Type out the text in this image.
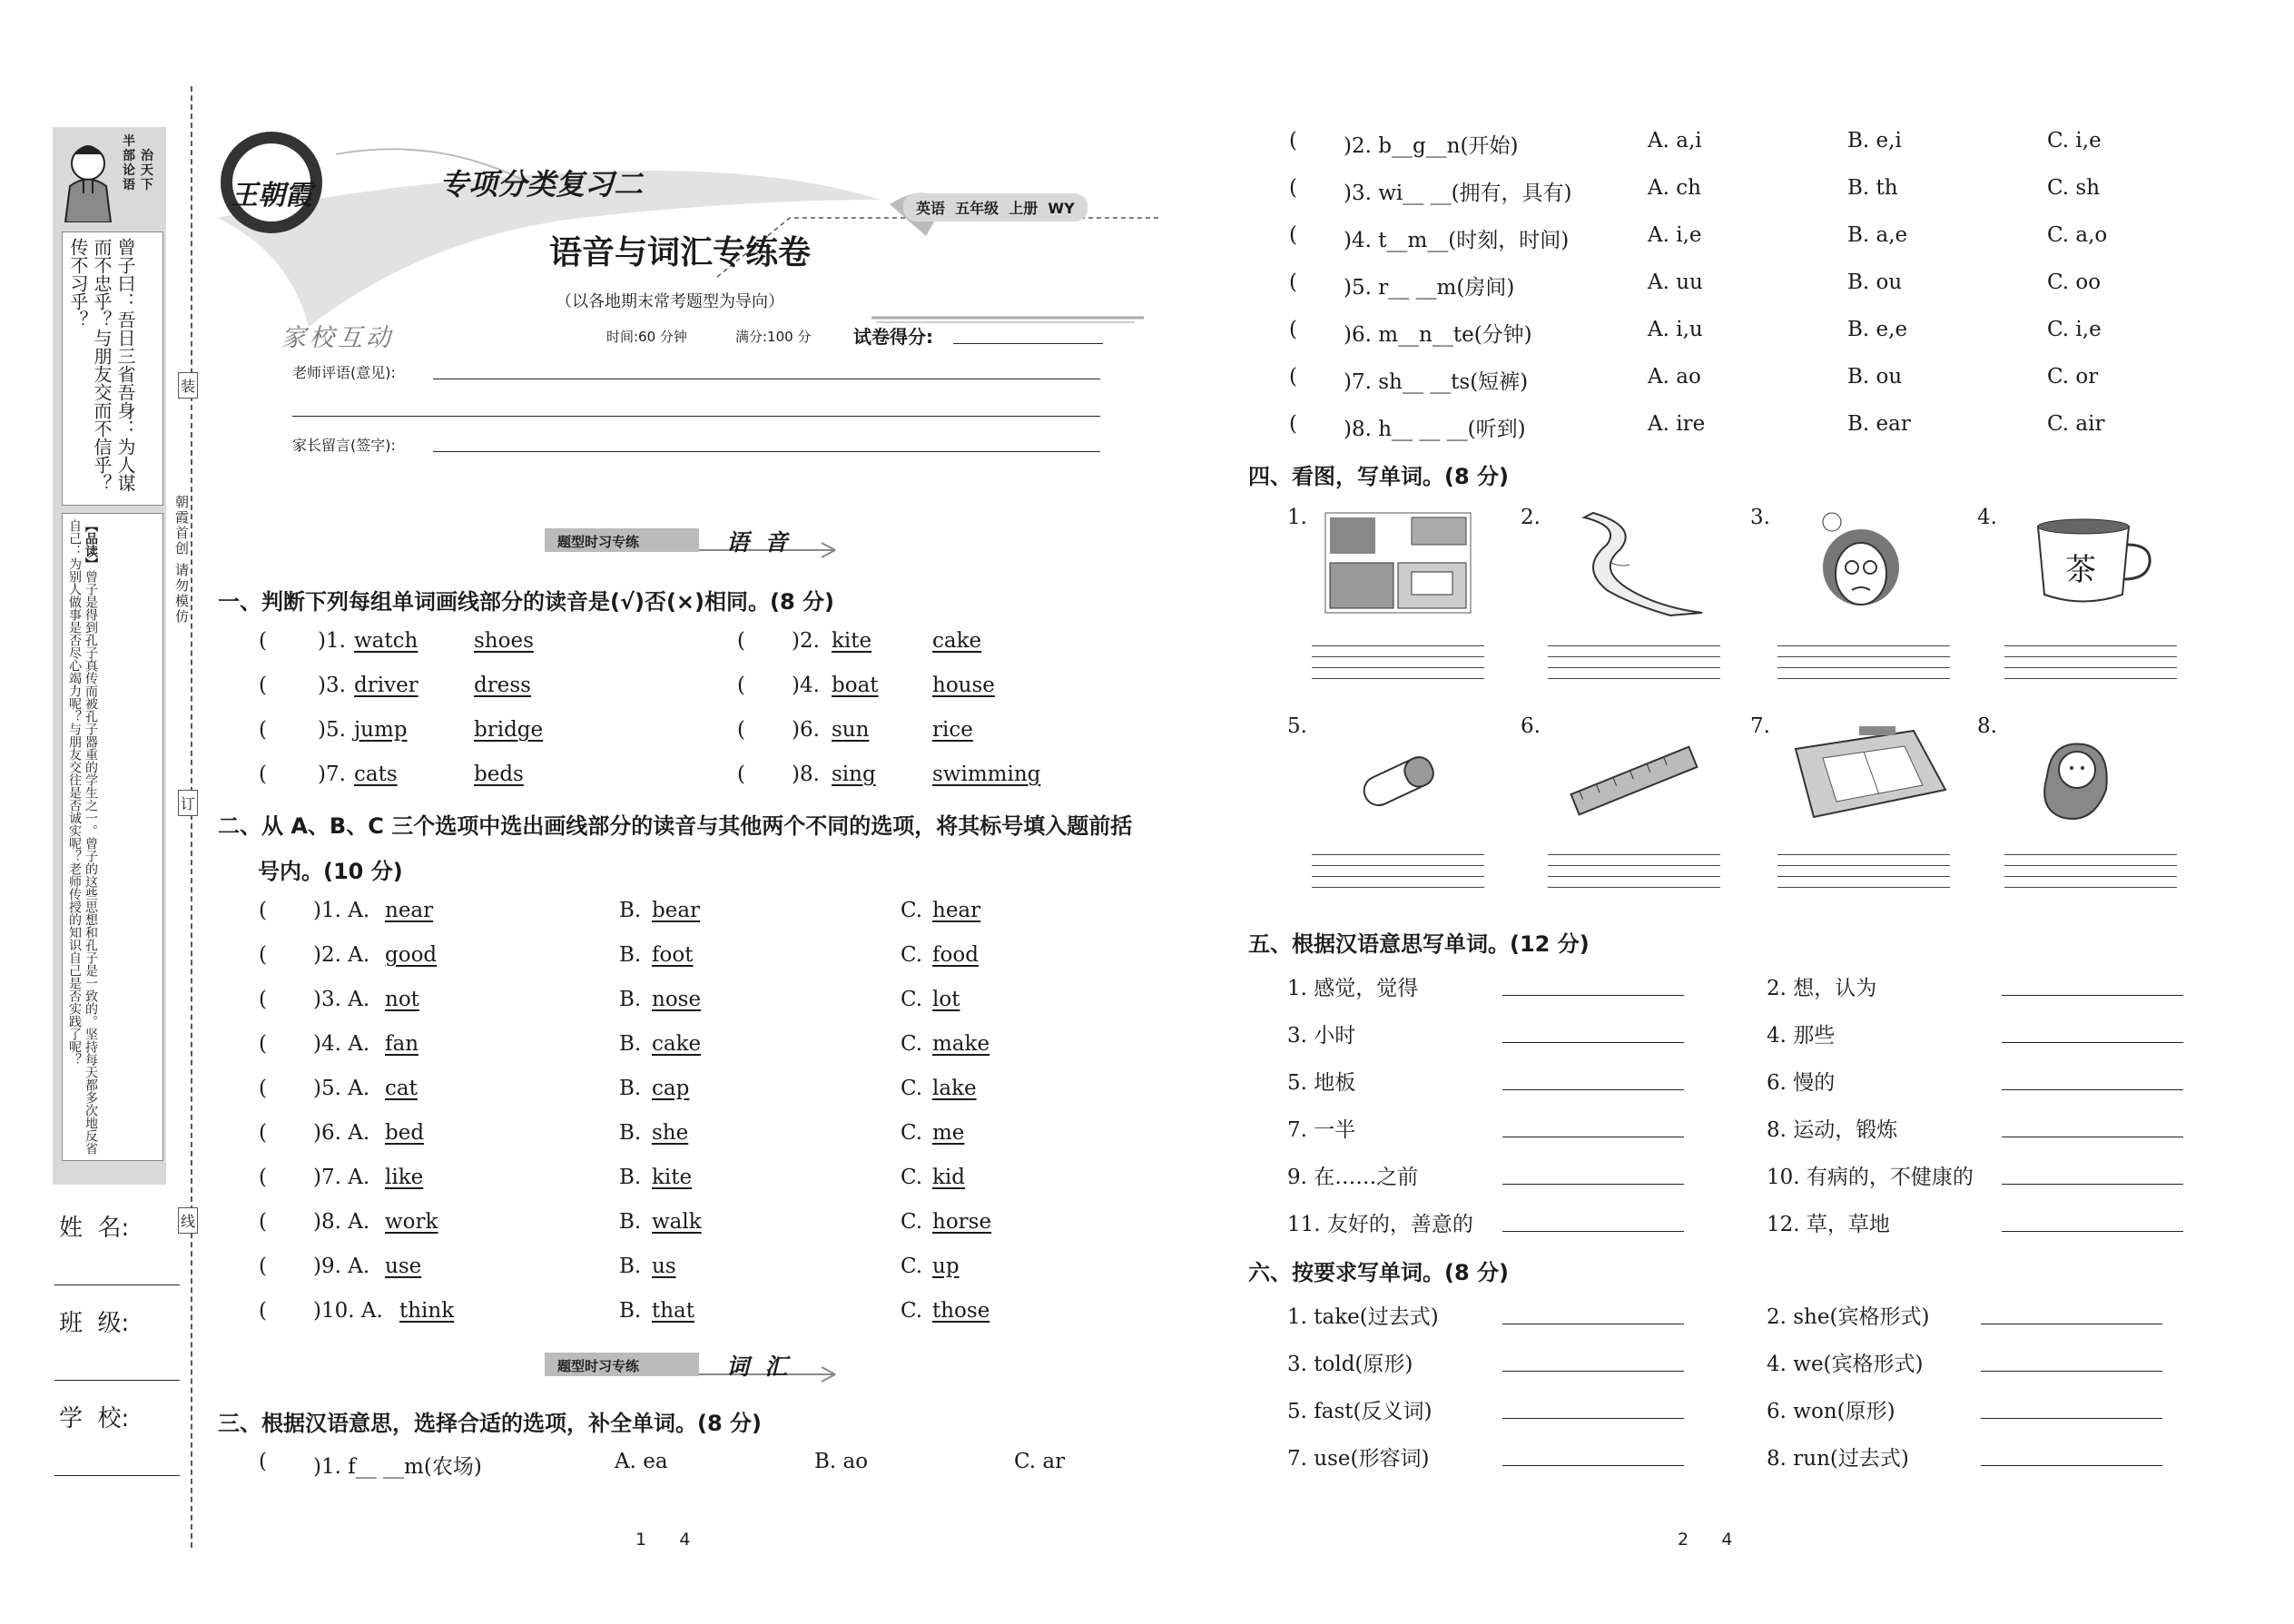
半
部
论
语
治
天
下
曾子曰：吾日三省吾身：为人谋而不忠乎？与朋友交而不信乎？传不习乎？
【品读】曾子是得到孔子真传而被孔子器重的学生之一。曾子的这些思想和孔子是一致的。坚持每天都多次地反省自己：为别人做事是否尽心竭力呢？与朋友交往是否诚实呢？老师传授的知识自己是否实践了呢？
姓  名:
班  级:
学  校:
装
订
线
朝霞首创 请勿模仿
王朝霞	专项分类复习二
语音与词汇专练卷
英语  五年级  上册  WY
（以各地期末常考题型为导向）
家校互动	时间:60 分钟	满分:100 分 试卷得分:
老师评语(意见):
家长留言(签字):
题型时习专练	语  音
一、判断下列每组单词画线部分的读音是(√)否(×)相同。(8 分)
( )1. watch	shoes	( )2. kite	cake
( )3. driver	dress	( )4. boat	house
( )5. jump	bridge	( )6. sun	rice
( )7. cats	beds	( )8. sing	swimming
二、从 A、B、C 三个选项中选出画线部分的读音与其他两个不同的选项，将其标号填入题前括
号内。(10 分)
( )1. A. near	B. bear	C. hear
( )2. A. good	B. foot	C. food
( )3. A. not	B. nose	C. lot
( )4. A. fan	B. cake	C. make
( )5. A. cat	B. cap	C. lake
( )6. A. bed	B. she	C. me
( )7. A. like	B. kite	C. kid
( )8. A. work	B. walk	C. horse
( )9. A. use	B. us	C. up
( )10. A. think	B. that	C. those
题型时习专练	词  汇
三、根据汉语意思，选择合适的选项，补全单词。(8 分)
( )1. f__ __m(农场)	A. ea	B. ao	C. ar
( )2. b__g__n(开始)	A. a,i	B. e,i	C. i,e
( )3. wi__ __(拥有，具有)	A. ch	B. th	C. sh
( )4. t__m__(时刻，时间)	A. i,e	B. a,e	C. a,o
( )5. r__ __m(房间)	A. uu	B. ou	C. oo
( )6. m__n__te(分钟)	A. i,u	B. e,e	C. i,e
( )7. sh__ __ts(短裤)	A. ao	B. ou	C. or
( )8. h__ __ __(听到)	A. ire	B. ear	C. air
四、看图，写单词。(8 分)
1.	2.	3.	4.
茶
5.	6.	7.	8.
五、根据汉语意思写单词。(12 分)
1. 感觉，觉得	2. 想，认为
3. 小时	4. 那些
5. 地板	6. 慢的
7. 一半	8. 运动，锻炼
9. 在……之前	10. 有病的，不健康的
11. 友好的，善意的	12. 草，草地
六、按要求写单词。(8 分)
1. take(过去式)	2. she(宾格形式)
3. told(原形)	4. we(宾格形式)
5. fast(反义词)	6. won(原形)
7. use(形容词)	8. run(过去式)
1      4	2      4
